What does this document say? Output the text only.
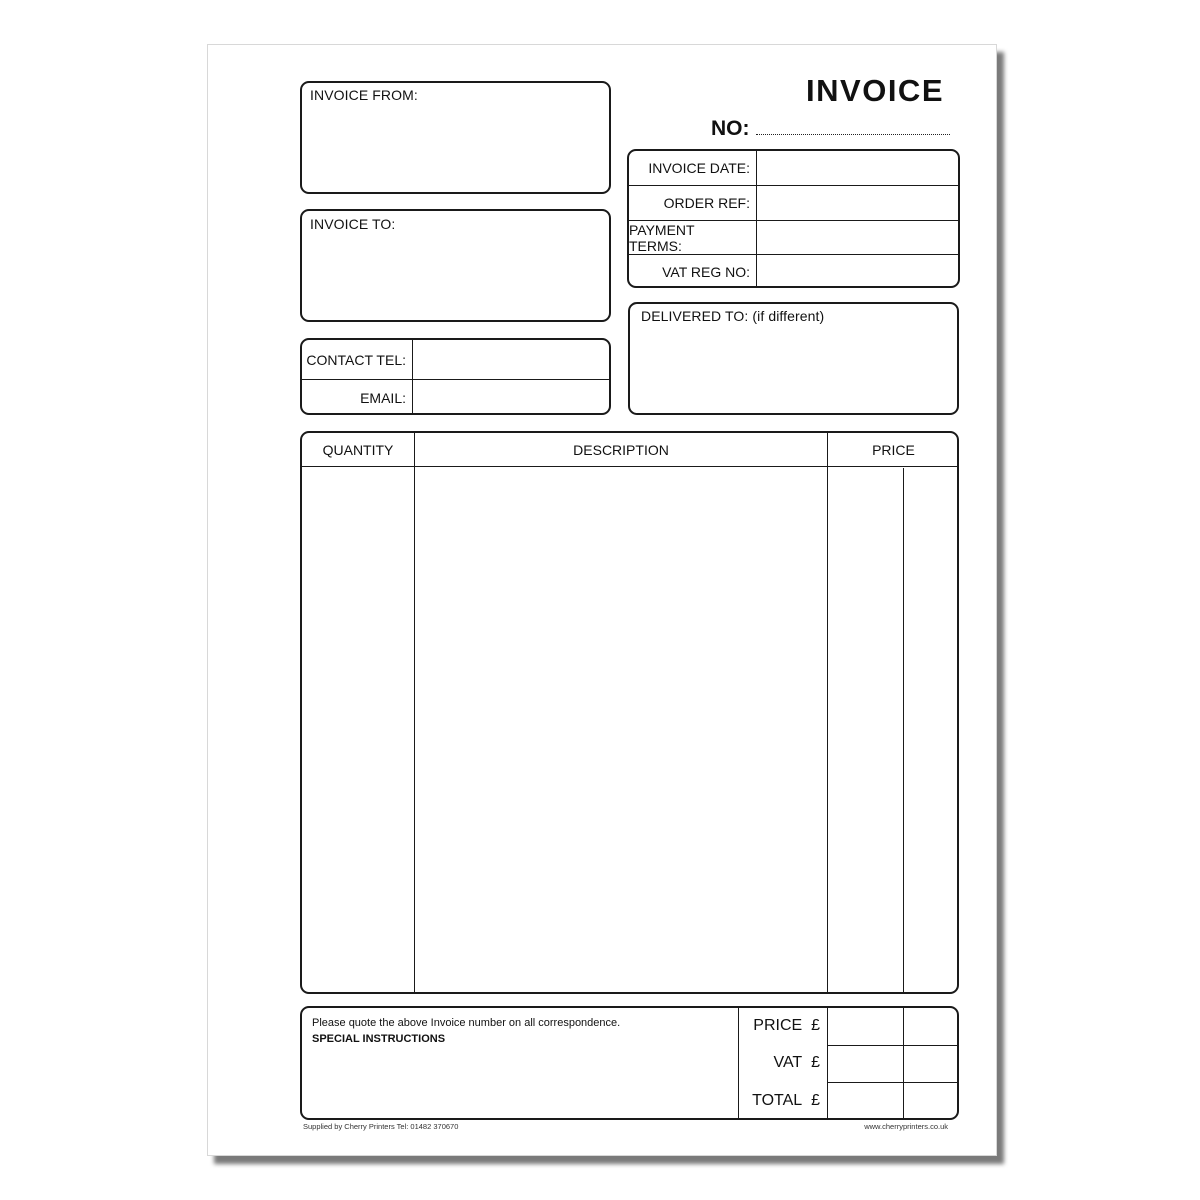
INVOICE
NO:
INVOICE FROM:
INVOICE TO:
CONTACT TEL:
EMAIL:
INVOICE DATE:
ORDER REF:
PAYMENT TERMS:
VAT REG NO:
DELIVERED TO: (if different)
QUANTITY	DESCRIPTION	PRICE
Please quote the above Invoice number on all correspondence.
SPECIAL INSTRUCTIONS
PRICE £
VAT £
TOTAL £
Supplied by Cherry Printers Tel: 01482 370670	www.cherryprinters.co.uk
